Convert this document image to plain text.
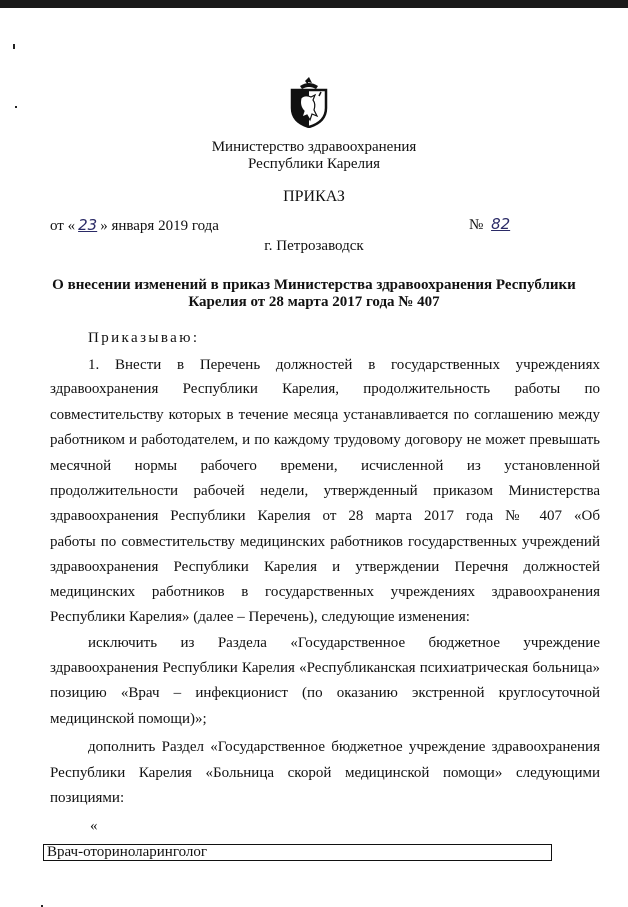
Министерство здравоохранения
Республики Карелия
ПРИКАЗ
от « 23 » января 2019 года	№ 82
г. Петрозаводск
О внесении изменений в приказ Министерства здравоохранения Республики
Карелия от 28 марта 2017 года № 407
Приказываю:
1. Внести в Перечень должностей в государственных учреждениях
здравоохранения Республики Карелия, продолжительность работы по
совместительству которых в течение месяца устанавливается по соглашению между
работником и работодателем, и по каждому трудовому договору не может превышать
месячной нормы рабочего времени, исчисленной из установленной
продолжительности рабочей недели, утвержденный приказом Министерства
здравоохранения Республики Карелия от 28 марта 2017 года № 407 «Об
работы по совместительству медицинских работников государственных учреждений
здравоохранения Республики Карелия и утверждении Перечня должностей
медицинских работников в государственных учреждениях здравоохранения
Республики Карелия» (далее – Перечень), следующие изменения:
исключить из Раздела «Государственное бюджетное учреждение
здравоохранения Республики Карелия «Республиканская психиатрическая больница»
позицию «Врач – инфекционист (по оказанию экстренной круглосуточной
медицинской помощи)»;
дополнить Раздел «Государственное бюджетное учреждение здравоохранения
Республики Карелия «Больница скорой медицинской помощи» следующими
позициями:
«
Врач-оториноларинголог
